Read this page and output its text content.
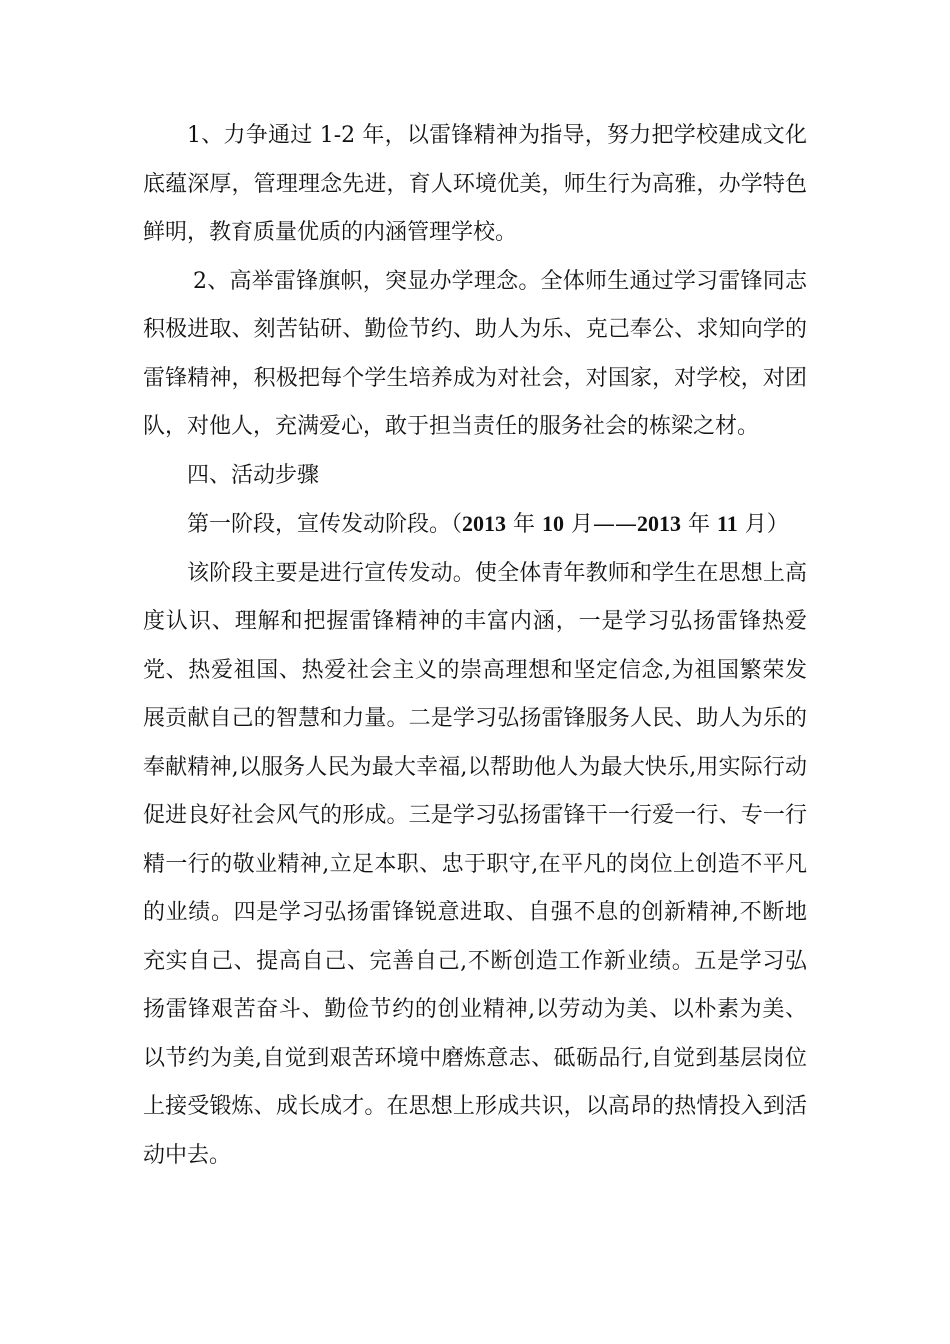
1、力争通过 1-2 年，以雷锋精神为指导，努力把学校建成文化底蕴深厚，管理理念先进，育人环境优美，师生行为高雅，办学特色鲜明，教育质量优质的内涵管理学校。

2、高举雷锋旗帜，突显办学理念。全体师生通过学习雷锋同志积极进取、刻苦钻研、勤俭节约、助人为乐、克己奉公、求知向学的雷锋精神，积极把每个学生培养成为对社会，对国家，对学校，对团队，对他人，充满爱心，敢于担当责任的服务社会的栋梁之材。

四、活动步骤

第一阶段，宣传发动阶段。（2013 年 10 月——2013 年 11 月）

该阶段主要是进行宣传发动。使全体青年教师和学生在思想上高度认识、理解和把握雷锋精神的丰富内涵，一是学习弘扬雷锋热爱党、热爱祖国、热爱社会主义的崇高理想和坚定信念,为祖国繁荣发展贡献自己的智慧和力量。二是学习弘扬雷锋服务人民、助人为乐的奉献精神,以服务人民为最大幸福,以帮助他人为最大快乐,用实际行动促进良好社会风气的形成。三是学习弘扬雷锋干一行爱一行、专一行精一行的敬业精神,立足本职、忠于职守,在平凡的岗位上创造不平凡的业绩。四是学习弘扬雷锋锐意进取、自强不息的创新精神,不断地充实自己、提高自己、完善自己,不断创造工作新业绩。五是学习弘扬雷锋艰苦奋斗、勤俭节约的创业精神,以劳动为美、以朴素为美、以节约为美,自觉到艰苦环境中磨炼意志、砥砺品行,自觉到基层岗位上接受锻炼、成长成才。在思想上形成共识，以高昂的热情投入到活动中去。
